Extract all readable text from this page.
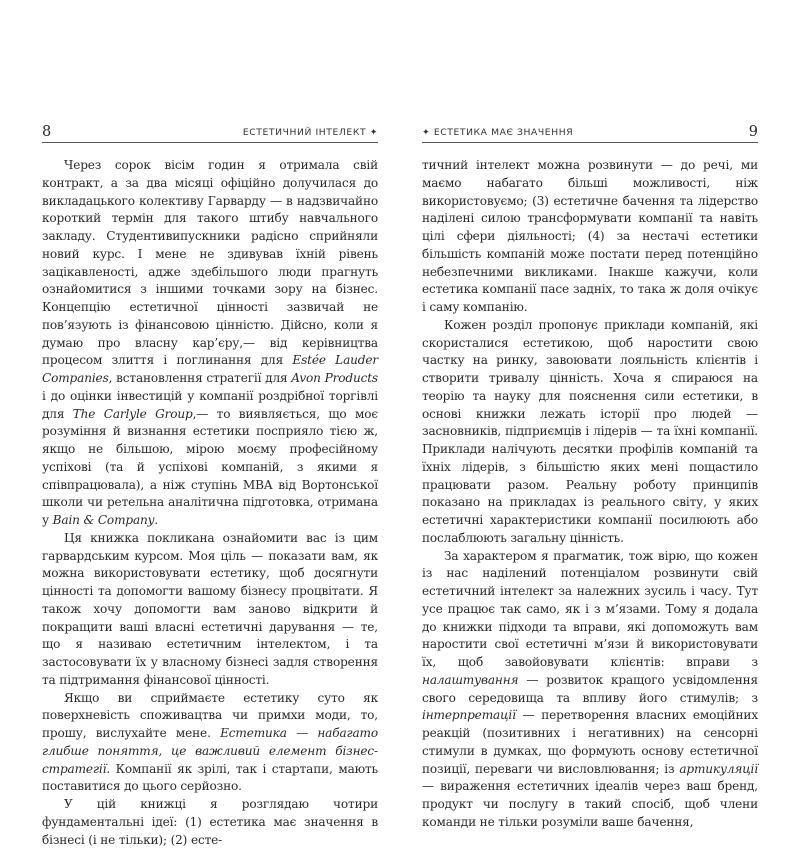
8	ЕСТЕТИЧНИЙ ІНТЕЛЕКТ ✦

Через сорок вісім годин я отримала свій контракт, а за два місяці офіційно долучилася до викладацького колективу Гарварду — в надзвичайно короткий термін для такого штибу навчального закладу. Студентивипускники радісно сприйняли новий курс. І мене не здивував їхній рівень зацікавленості, адже здебільшого люди прагнуть ознайомитися з іншими точками зору на бізнес. Концепцію естетичної цінності зазвичай не пов’язують із фінансовою цінністю. Дійсно, коли я думаю про власну кар’єру,— від керівництва процесом злиття і поглинання для Estée Lauder Companies, встановлення стратегії для Avon Products і до оцінки інвестицій у компанії роздрібної торгівлі для The Carlyle Group,— то виявляється, що моє розуміння й визнання естетики посприяло тією ж, якщо не більшою, мірою моєму професійному успіхові (та й успіхові компаній, з якими я співпрацювала), а ніж ступінь MBA від Вортонської школи чи ретельна аналітична підготовка, отримана у Bain & Company.

Ця книжка покликана ознайомити вас із цим гарвардським курсом. Моя ціль — показати вам, як можна використовувати естетику, щоб досягнути цінності та допомогти вашому бізнесу процвітати. Я також хочу допомогти вам заново відкрити й покращити ваші власні естетичні дарування — те, що я називаю естетичним інтелектом, і та застосовувати їх у власному бізнесі задля створення та підтримання фінансової цінності.

Якщо ви сприймаєте естетику суто як поверхневість споживацтва чи примхи моди, то, прошу, вислухайте мене. Естетика — набагато глибше поняття, це важливий елемент бізнес-стратегії. Компанії як зрілі, так і стартапи, мають поставитися до цього серйозно.

У цій книжці я розглядаю чотири фундаментальні ідеї: (1) естетика має значення в бізнесі (і не тільки); (2) есте-

✦ ЕСТЕТИКА МАЄ ЗНАЧЕННЯ	9

тичний інтелект можна розвинути — до речі, ми маємо набагато більші можливості, ніж використовуємо; (3) естетичне бачення та лідерство наділені силою трансформувати компанії та навіть цілі сфери діяльності; (4) за нестачі естетики більшість компаній може постати перед потенційно небезпечними викликами. Інакше кажучи, коли естетика компанії пасе задніх, то така ж доля очікує і саму компанію.

Кожен розділ пропонує приклади компаній, які скористалися естетикою, щоб наростити свою частку на ринку, завоювати лояльність клієнтів і створити тривалу цінність. Хоча я спираюся на теорію та науку для пояснення сили естетики, в основі книжки лежать історії про людей — засновників, підприємців і лідерів — та їхні компанії. Приклади налічують десятки профілів компаній та їхніх лідерів, з більшістю яких мені пощастило працювати разом. Реальну роботу принципів показано на прикладах із реального світу, у яких естетичні характеристики компанії посилюють або послаблюють загальну цінність.

За характером я прагматик, тож вірю, що кожен із нас наділений потенціалом розвинути свій естетичний інтелект за належних зусиль і часу. Тут усе працює так само, як і з м’язами. Тому я додала до книжки підходи та вправи, які допоможуть вам наростити свої естетичні м’язи й використовувати їх, щоб завойовувати клієнтів: вправи з налаштування — розвиток кращого усвідомлення свого середовища та впливу його стимулів; з інтерпретації — перетворення власних емоційних реакцій (позитивних і негативних) на сенсорні стимули в думках, що формують основу естетичної позиції, переваги чи висловлювання; із артикуляції — вираження естетичних ідеалів через ваш бренд, продукт чи послугу в такий спосіб, щоб члени команди не тільки розуміли ваше бачення,
